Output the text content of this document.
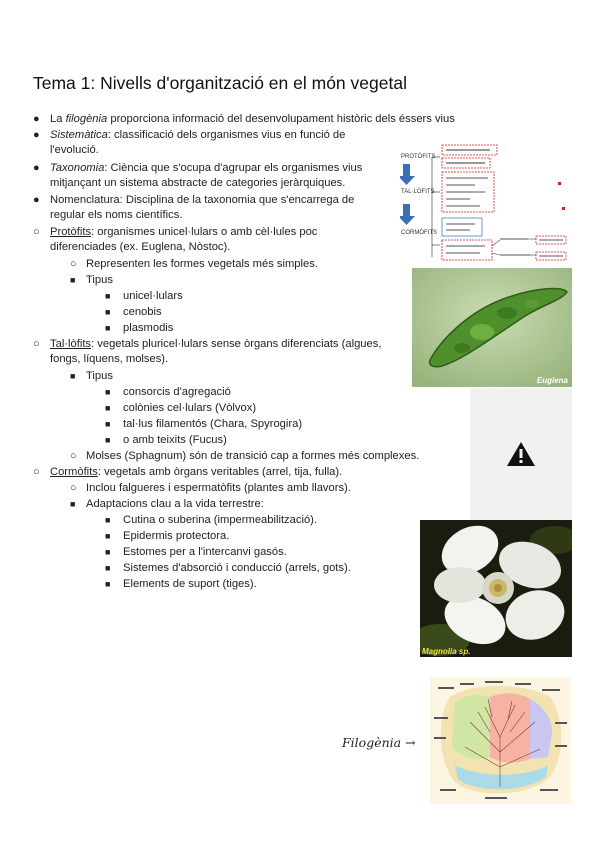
Tema 1: Nivells d'organització en el món vegetal
● La filogènia proporciona informació del desenvolupament històric dels éssers vius
● Sistemàtica: classificació dels organismes vius en funció de
l'evolució.
● Taxonomia: Ciència que s'ocupa d'agrupar els organismes vius
mitjançant un sistema abstracte de categories jeràrquiques.
● Nomenclatura: Disciplina de la taxonomia que s'encarrega de
regular els noms científics.
○ Protòfits: organismes unicel·lulars o amb cèl·lules poc
diferenciades (ex. Euglena, Nòstoc).
○ Representen les formes vegetals més simples.
■ Tipus
■ unicel·lulars
■ cenobis
■ plasmodis
○ Tal·lòfits: vegetals pluricel·lulars sense òrgans diferenciats (algues,
fongs, líquens, molses).
■ Tipus
■ consorcis d'agregació
■ colònies cel·lulars (Vòlvox)
■ tal·lus filamentós (Chara, Spyrogira)
■ o amb teixits (Fucus)
○ Molses (Sphagnum) són de transició cap a formes més complexes.
○ Cormòfits: vegetals amb òrgans veritables (arrel, tija, fulla).
○ Inclou falgueres i espermatòfits (plantes amb llavors).
■ Adaptacions clau a la vida terrestre:
■ Cutina o suberina (impermeabilització).
■ Epidermis protectora.
■ Estomes per a l'intercanvi gasós.
■ Sistemes d'absorció i conducció (arrels, gots).
■ Elements de suport (tiges).
PROTÒFITS
TAL·LÒFITS
CORMÒFITS
Euglena
Magnolia sp.
Filogènia →
